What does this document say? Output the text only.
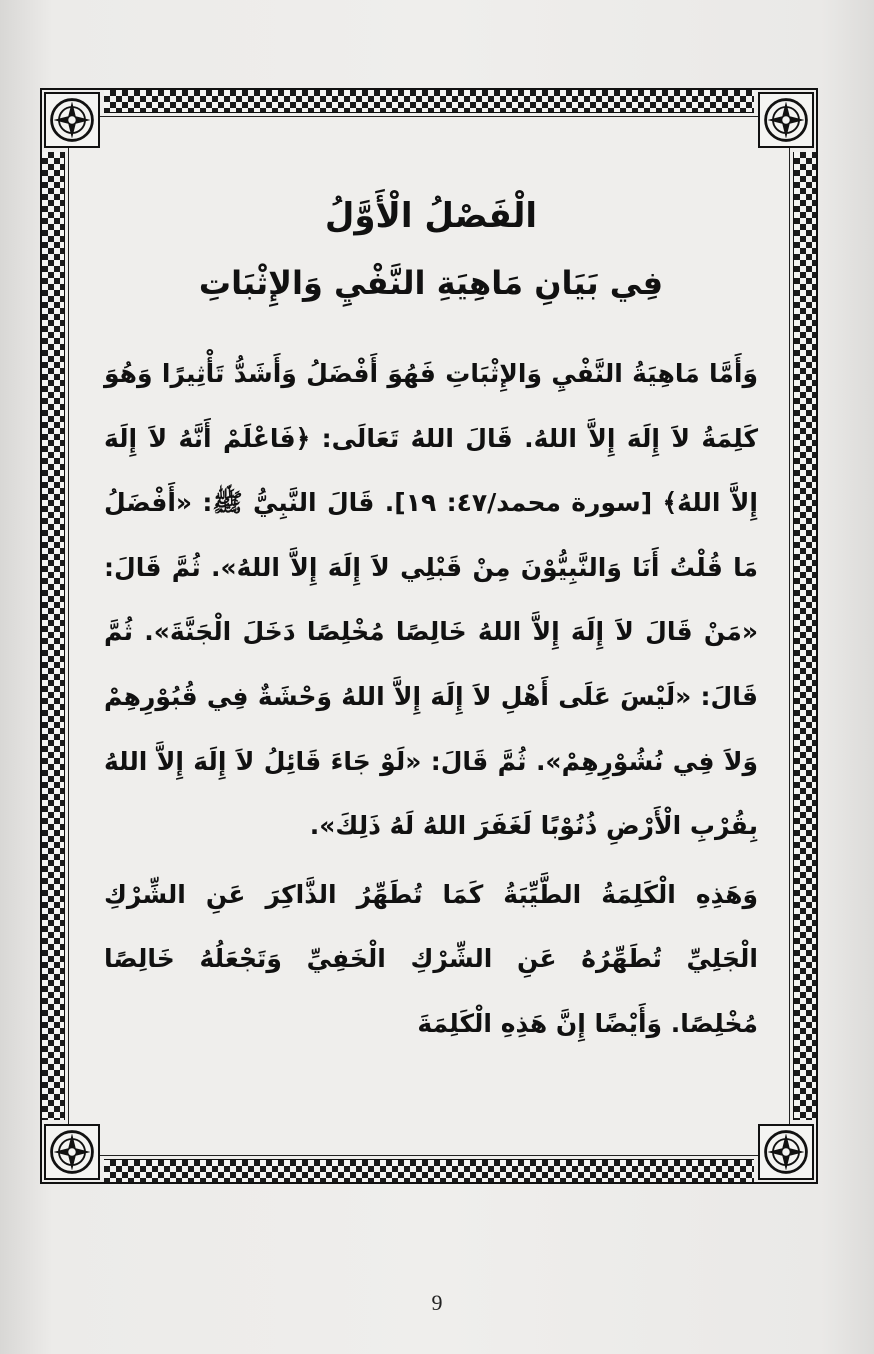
الْفَصْلُ الْأَوَّلُ
فِي بَيَانِ مَاهِيَةِ النَّفْيِ وَالإِثْبَاتِ

وَأَمَّا مَاهِيَةُ النَّفْيِ وَالإِثْبَاتِ فَهُوَ أَفْضَلُ وَأَشَدُّ تَأْثِيرًا وَهُوَ كَلِمَةُ لاَ إِلَهَ إِلاَّ اللهُ. قَالَ اللهُ تَعَالَى: ﴿فَاعْلَمْ أَنَّهُ لاَ إِلَهَ إِلاَّ اللهُ﴾ [سورة محمد/٤٧: ١٩]. قَالَ النَّبِيُّ ﷺ: «أَفْضَلُ مَا قُلْتُ أَنَا وَالنَّبِيُّوْنَ مِنْ قَبْلِي لاَ إِلَهَ إِلاَّ اللهُ». ثُمَّ قَالَ: «مَنْ قَالَ لاَ إِلَهَ إِلاَّ اللهُ خَالِصًا مُخْلِصًا دَخَلَ الْجَنَّةَ». ثُمَّ قَالَ: «لَيْسَ عَلَى أَهْلِ لاَ إِلَهَ إِلاَّ اللهُ وَحْشَةٌ فِي قُبُوْرِهِمْ وَلاَ فِي نُشُوْرِهِمْ». ثُمَّ قَالَ: «لَوْ جَاءَ قَائِلُ لاَ إِلَهَ إِلاَّ اللهُ بِقُرْبِ الْأَرْضِ ذُنُوْبًا لَغَفَرَ اللهُ لَهُ ذَلِكَ».

وَهَذِهِ الْكَلِمَةُ الطَّيِّبَةُ كَمَا تُطَهِّرُ الذَّاكِرَ عَنِ الشِّرْكِ الْجَلِيِّ تُطَهِّرُهُ عَنِ الشِّرْكِ الْخَفِيِّ وَتَجْعَلُهُ خَالِصًا مُخْلِصًا. وَأَيْضًا إِنَّ هَذِهِ الْكَلِمَةَ

9
